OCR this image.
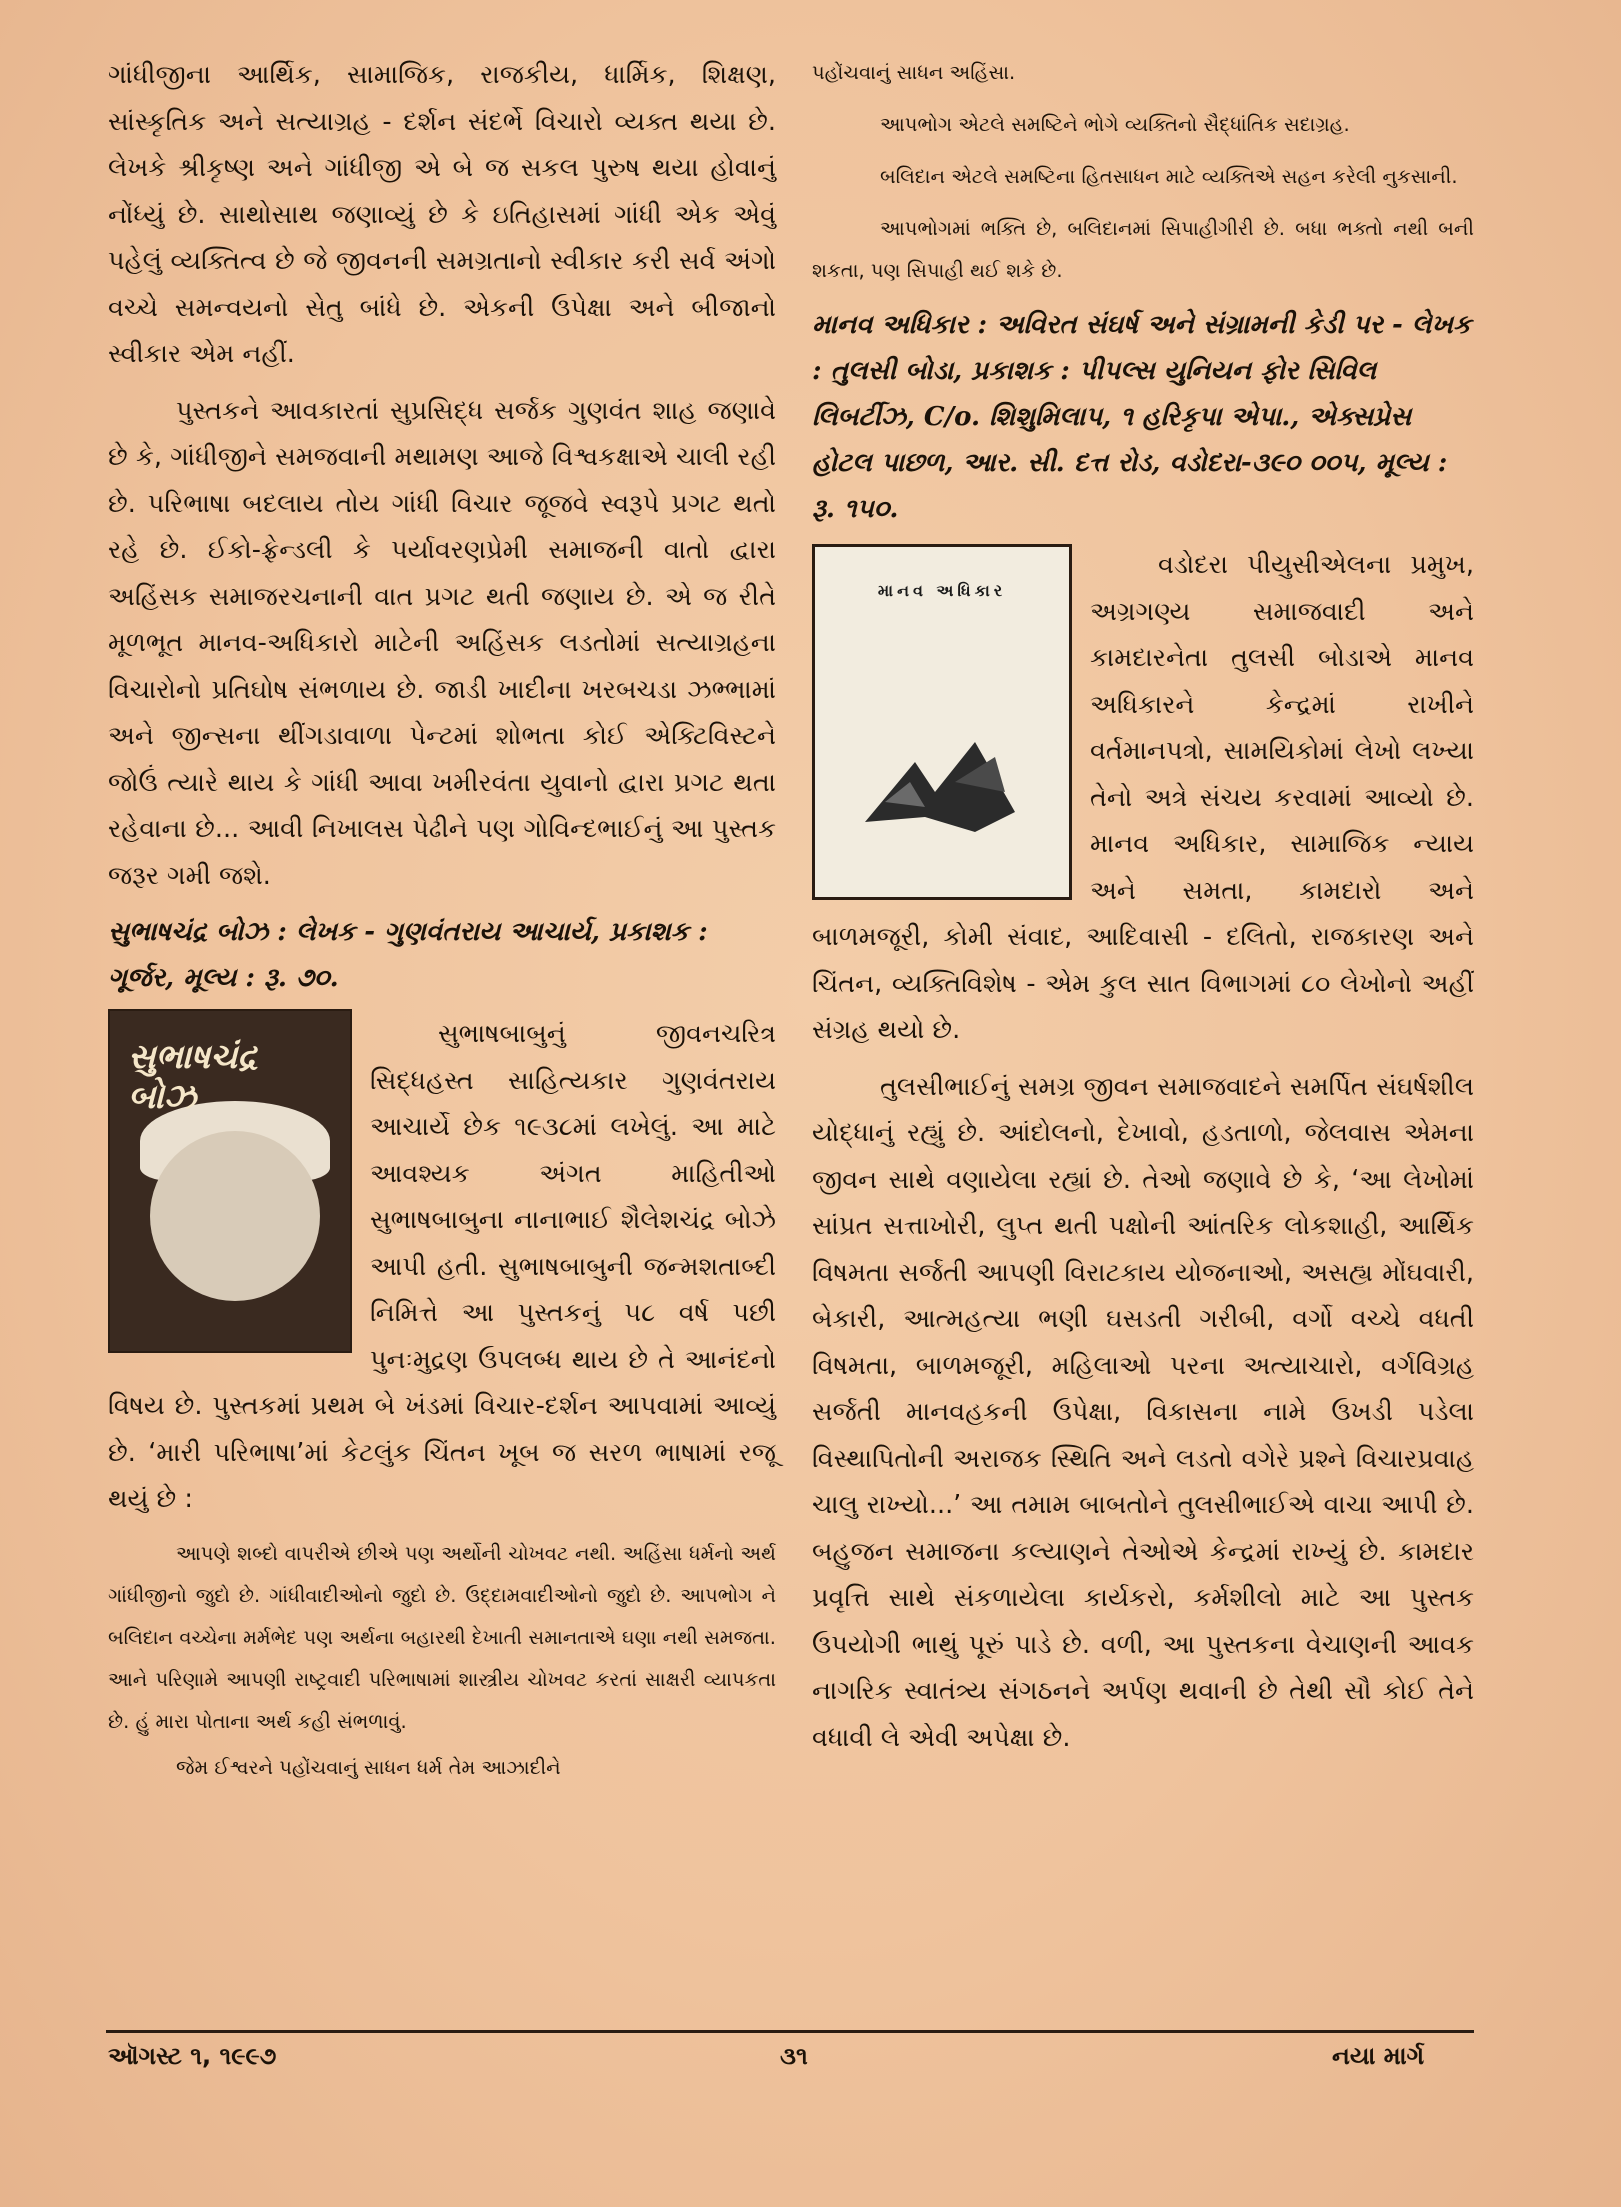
ગાંધીજીના આર્થિક, સામાજિક, રાજકીય, ધાર્મિક, શિક્ષણ, સાંસ્કૃતિક અને સત્યાગ્રહ - દર્શન સંદર્ભે વિચારો વ્યક્ત થયા છે. લેખકે શ્રીકૃષ્ણ અને ગાંધીજી એ બે જ સકલ પુરુષ થયા હોવાનું નોંધ્યું છે. સાથોસાથ જણાવ્યું છે કે ઇતિહાસમાં ગાંધી એક એવું પહેલું વ્યક્તિત્વ છે જે જીવનની સમગ્રતાનો સ્વીકાર કરી સર્વ અંગો વચ્ચે સમન્વયનો સેતુ બાંધે છે. એકની ઉપેક્ષા અને બીજાનો સ્વીકાર એમ નહીં.

પુસ્તકને આવકારતાં સુપ્રસિદ્ધ સર્જક ગુણવંત શાહ જણાવે છે કે, ગાંધીજીને સમજવાની મથામણ આજે વિશ્વકક્ષાએ ચાલી રહી છે. પરિભાષા બદલાય તોય ગાંધી વિચાર જૂજવે સ્વરૂપે પ્રગટ થતો રહે છે. ઈકો-ફ્રેન્ડલી કે પર્યાવરણપ્રેમી સમાજની વાતો દ્વારા અહિંસક સમાજરચનાની વાત પ્રગટ થતી જણાય છે. એ જ રીતે મૂળભૂત માનવ-અધિકારો માટેની અહિંસક લડતોમાં સત્યાગ્રહના વિચારોનો પ્રતિઘોષ સંભળાય છે. જાડી ખાદીના ખરબચડા ઝભ્ભામાં અને જીન્સના થીંગડાવાળા પેન્ટમાં શોભતા કોઈ એક્ટિવિસ્ટને જોઉં ત્યારે થાય કે ગાંધી આવા ખમીરવંતા યુવાનો દ્વારા પ્રગટ થતા રહેવાના છે... આવી નિખાલસ પેઢીને પણ ગોવિન્દભાઈનું આ પુસ્તક જરૂર ગમી જશે.

સુભાષચંદ્ર બોઝ : લેખક - ગુણવંતરાય આચાર્ય, પ્રકાશક : ગૂર્જર, મૂલ્ય : રૂ. ૭૦.

સુભાષચંદ્ર બોઝ

સુભાષબાબુનું જીવનચરિત્ર સિદ્ધહસ્ત સાહિત્યકાર ગુણવંતરાય આચાર્યે છેક ૧૯૩૮માં લખેલું. આ માટે આવશ્યક અંગત માહિતીઓ સુભાષબાબુના નાનાભાઈ શૈલેશચંદ્ર બોઝે આપી હતી. સુભાષબાબુની જન્મશતાબ્દી નિમિત્તે આ પુસ્તકનું ૫૮ વર્ષ પછી પુનઃમુદ્રણ ઉપલબ્ધ થાય છે તે આનંદનો વિષય છે. પુસ્તકમાં પ્રથમ બે ખંડમાં વિચાર-દર્શન આપવામાં આવ્યું છે. ‘મારી પરિભાષા’માં કેટલુંક ચિંતન ખૂબ જ સરળ ભાષામાં રજૂ થયું છે :

આપણે શબ્દો વાપરીએ છીએ પણ અર્થોની ચોખવટ નથી. અહિંસા ધર્મનો અર્થ ગાંધીજીનો જુદો છે. ગાંધીવાદીઓનો જુદો છે. ઉદ્દામવાદીઓનો જુદો છે. આપભોગ ને બલિદાન વચ્ચેના મર્મભેદ પણ અર્થના બહારથી દેખાતી સમાનતાએ ઘણા નથી સમજતા. આને પરિણામે આપણી રાષ્ટ્રવાદી પરિભાષામાં શાસ્ત્રીય ચોખવટ કરતાં સાક્ષરી વ્યાપકતા છે. હું મારા પોતાના અર્થ કહી સંભળાવું.

જેમ ઈશ્વરને પહોંચવાનું સાધન ધર્મ તેમ આઝાદીને

પહોંચવાનું સાધન અહિંસા.

આપભોગ એટલે સમષ્ટિને ભોગે વ્યક્તિનો સૈદ્ધાંતિક સદાગ્રહ.

બલિદાન એટલે સમષ્ટિના હિતસાધન માટે વ્યક્તિએ સહન કરેલી નુકસાની.

આપભોગમાં ભક્તિ છે, બલિદાનમાં સિપાહીગીરી છે. બધા ભક્તો નથી બની શકતા, પણ સિપાહી થઈ શકે છે.

માનવ અધિકાર : અવિરત સંઘર્ષ અને સંગ્રામની કેડી પર - લેખક : તુલસી બોડા, પ્રકાશક : પીપલ્સ યુનિયન ફોર સિવિલ લિબર્ટીઝ, C/o. શિશુમિલાપ, ૧ હરિકૃપા એપા., એક્સપ્રેસ હોટલ પાછળ, આર. સી. દત્ત રોડ, વડોદરા-૩૯૦ ૦૦૫, મૂલ્ય : રૂ. ૧૫૦.

માનવ અધિકાર

વડોદરા પીયુસીએલના પ્રમુખ, અગ્રગણ્ય સમાજવાદી અને કામદારનેતા તુલસી બોડાએ માનવ અધિકારને કેન્દ્રમાં રાખીને વર્તમાનપત્રો, સામયિકોમાં લેખો લખ્યા તેનો અત્રે સંચય કરવામાં આવ્યો છે. માનવ અધિકાર, સામાજિક ન્યાય અને સમતા, કામદારો અને બાળમજૂરી, કોમી સંવાદ, આદિવાસી - દલિતો, રાજકારણ અને ચિંતન, વ્યક્તિવિશેષ - એમ કુલ સાત વિભાગમાં ૮૦ લેખોનો અહીં સંગ્રહ થયો છે.

તુલસીભાઈનું સમગ્ર જીવન સમાજવાદને સમર્પિત સંઘર્ષશીલ યોદ્ધાનું રહ્યું છે. આંદોલનો, દેખાવો, હડતાળો, જેલવાસ એમના જીવન સાથે વણાયેલા રહ્યાં છે. તેઓ જણાવે છે કે, ‘આ લેખોમાં સાંપ્રત સત્તાખોરી, લુપ્ત થતી પક્ષોની આંતરિક લોકશાહી, આર્થિક વિષમતા સર્જતી આપણી વિરાટકાય યોજનાઓ, અસહ્ય મોંઘવારી, બેકારી, આત્મહત્યા ભણી ઘસડતી ગરીબી, વર્ગો વચ્ચે વધતી વિષમતા, બાળમજૂરી, મહિલાઓ પરના અત્યાચારો, વર્ગવિગ્રહ સર્જતી માનવહકની ઉપેક્ષા, વિકાસના નામે ઉખડી પડેલા વિસ્થાપિતોની અરાજક સ્થિતિ અને લડતો વગેરે પ્રશ્ને વિચારપ્રવાહ ચાલુ રાખ્યો...’ આ તમામ બાબતોને તુલસીભાઈએ વાચા આપી છે. બહુજન સમાજના કલ્યાણને તેઓએ કેન્દ્રમાં રાખ્યું છે. કામદાર પ્રવૃત્તિ સાથે સંકળાયેલા કાર્યકરો, કર્મશીલો માટે આ પુસ્તક ઉપયોગી ભાથું પૂરું પાડે છે. વળી, આ પુસ્તકના વેચાણની આવક નાગરિક સ્વાતંત્ર્ય સંગઠનને અર્પણ થવાની છે તેથી સૌ કોઈ તેને વધાવી લે એવી અપેક્ષા છે.

ઑગસ્ટ ૧, ૧૯૯૭	૩૧	નયા માર્ગ
